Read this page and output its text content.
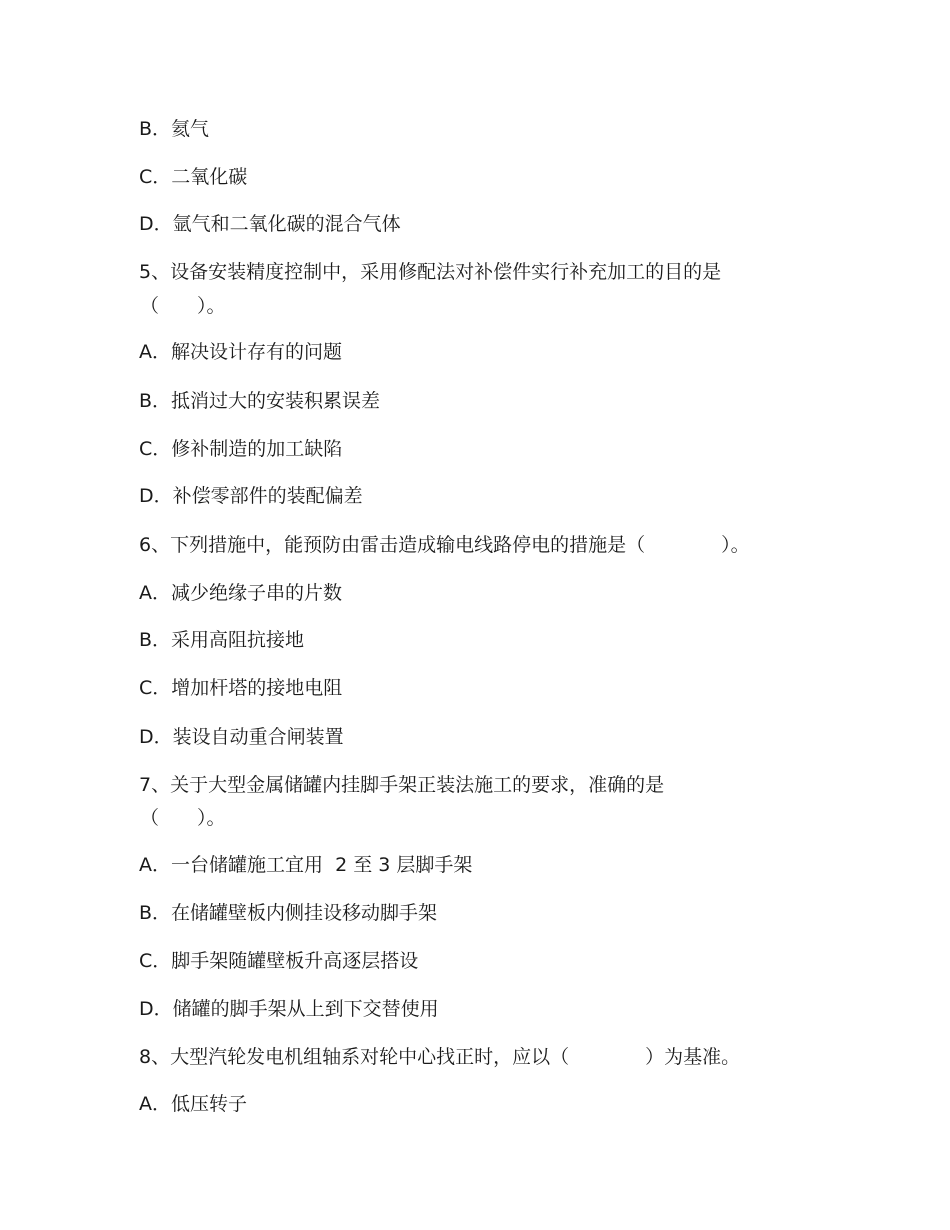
B．氦气
C．二氧化碳
D．氩气和二氧化碳的混合气体
5、设备安装精度控制中，采用修配法对补偿件实行补充加工的目的是
（　　）。
A．解决设计存有的问题
B．抵消过大的安装积累误差
C．修补制造的加工缺陷
D．补偿零部件的装配偏差
6、下列措施中，能预防由雷击造成输电线路停电的措施是（　　　　）。
A．减少绝缘子串的片数
B．采用高阻抗接地
C．增加杆塔的接地电阻
D．装设自动重合闸装置
7、关于大型金属储罐内挂脚手架正装法施工的要求，准确的是
（　　）。
A．一台储罐施工宜用  2 至 3 层脚手架
B．在储罐壁板内侧挂设移动脚手架
C．脚手架随罐壁板升高逐层搭设
D．储罐的脚手架从上到下交替使用
8、大型汽轮发电机组轴系对轮中心找正时，应以（　　　　）为基准。
A．低压转子
